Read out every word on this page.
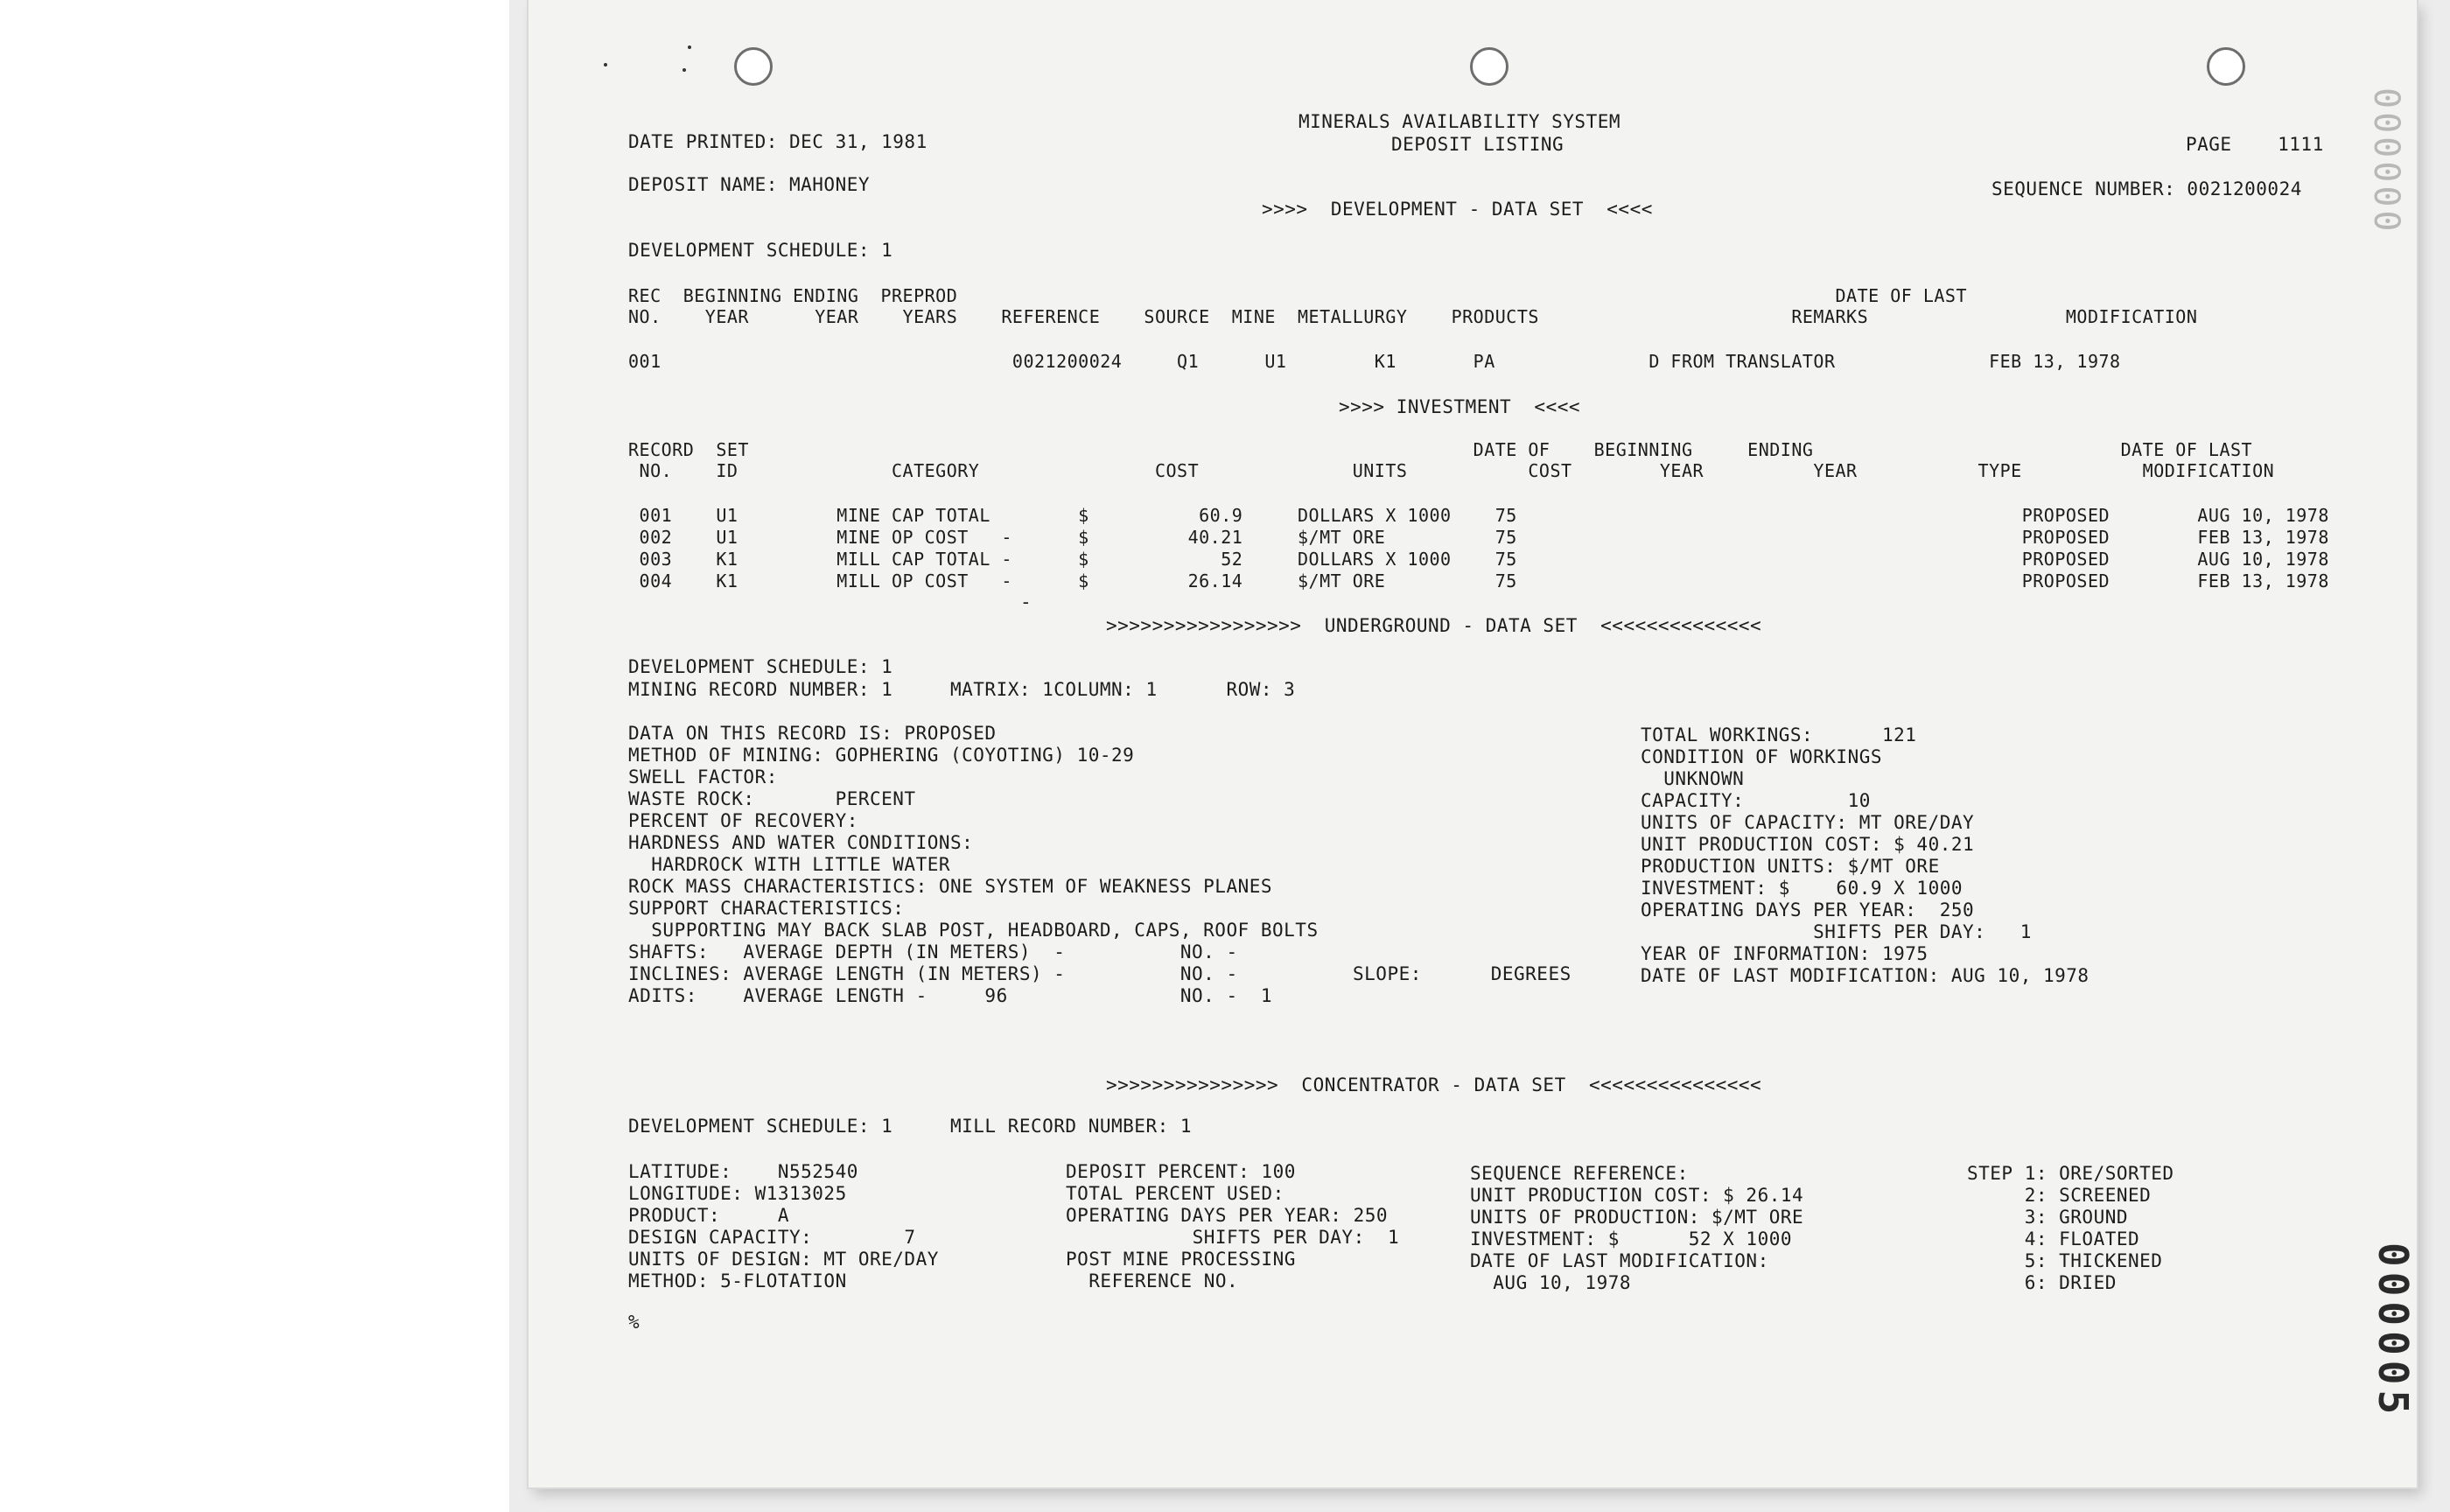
DATE PRINTED: DEC 31, 1981
MINERALS AVAILABILITY SYSTEM
DEPOSIT LISTING	PAGE    1111
DEPOSIT NAME: MAHONEY	SEQUENCE NUMBER: 0021200024
>>>>  DEVELOPMENT - DATA SET  <<<<
DEVELOPMENT SCHEDULE: 1
REC  BEGINNING ENDING  PREPROD                                                                                DATE OF LAST
NO.    YEAR      YEAR    YEARS    REFERENCE    SOURCE  MINE  METALLURGY    PRODUCTS                       REMARKS                  MODIFICATION
001                                0021200024     Q1      U1        K1       PA              D FROM TRANSLATOR              FEB 13, 1978
>>>> INVESTMENT  <<<<
RECORD  SET                                                                  DATE OF    BEGINNING     ENDING                            DATE OF LAST
NO.    ID              CATEGORY                COST              UNITS           COST        YEAR          YEAR           TYPE           MODIFICATION
001    U1         MINE CAP TOTAL        $          60.9     DOLLARS X 1000    75                                              PROPOSED        AUG 10, 1978
002    U1         MINE OP COST   -      $         40.21     $/MT ORE          75                                              PROPOSED        FEB 13, 1978
003    K1         MILL CAP TOTAL -      $            52     DOLLARS X 1000    75                                              PROPOSED        AUG 10, 1978
004    K1         MILL OP COST   -      $         26.14     $/MT ORE          75                                              PROPOSED        FEB 13, 1978
-
>>>>>>>>>>>>>>>>>  UNDERGROUND - DATA SET  <<<<<<<<<<<<<<
DEVELOPMENT SCHEDULE: 1
MINING RECORD NUMBER: 1     MATRIX: 1COLUMN: 1      ROW: 3
DATA ON THIS RECORD IS: PROPOSED
METHOD OF MINING: GOPHERING (COYOTING) 10-29
SWELL FACTOR:
WASTE ROCK:       PERCENT
PERCENT OF RECOVERY:
HARDNESS AND WATER CONDITIONS:
HARDROCK WITH LITTLE WATER
ROCK MASS CHARACTERISTICS: ONE SYSTEM OF WEAKNESS PLANES
SUPPORT CHARACTERISTICS:
SUPPORTING MAY BACK SLAB POST, HEADBOARD, CAPS, ROOF BOLTS
SHAFTS:   AVERAGE DEPTH (IN METERS)  -          NO. -
INCLINES: AVERAGE LENGTH (IN METERS) -          NO. -          SLOPE:      DEGREES
ADITS:    AVERAGE LENGTH -     96               NO. -  1
TOTAL WORKINGS:      121
CONDITION OF WORKINGS
UNKNOWN
CAPACITY:         10
UNITS OF CAPACITY: MT ORE/DAY
UNIT PRODUCTION COST: $ 40.21
PRODUCTION UNITS: $/MT ORE
INVESTMENT: $    60.9 X 1000
OPERATING DAYS PER YEAR:  250
SHIFTS PER DAY:   1
YEAR OF INFORMATION: 1975
DATE OF LAST MODIFICATION: AUG 10, 1978
>>>>>>>>>>>>>>>  CONCENTRATOR - DATA SET  <<<<<<<<<<<<<<<
DEVELOPMENT SCHEDULE: 1     MILL RECORD NUMBER: 1
LATITUDE:    N552540
LONGITUDE: W1313025
PRODUCT:     A
DESIGN CAPACITY:        7
UNITS OF DESIGN: MT ORE/DAY
METHOD: 5-FLOTATION
DEPOSIT PERCENT: 100
TOTAL PERCENT USED:
OPERATING DAYS PER YEAR: 250
SHIFTS PER DAY:  1
POST MINE PROCESSING
REFERENCE NO.
SEQUENCE REFERENCE:
UNIT PRODUCTION COST: $ 26.14
UNITS OF PRODUCTION: $/MT ORE
INVESTMENT: $      52 X 1000
DATE OF LAST MODIFICATION:
AUG 10, 1978
STEP 1: ORE/SORTED
2: SCREENED
3: GROUND
4: FLOATED
5: THICKENED
6: DRIED
%	000005
000000
